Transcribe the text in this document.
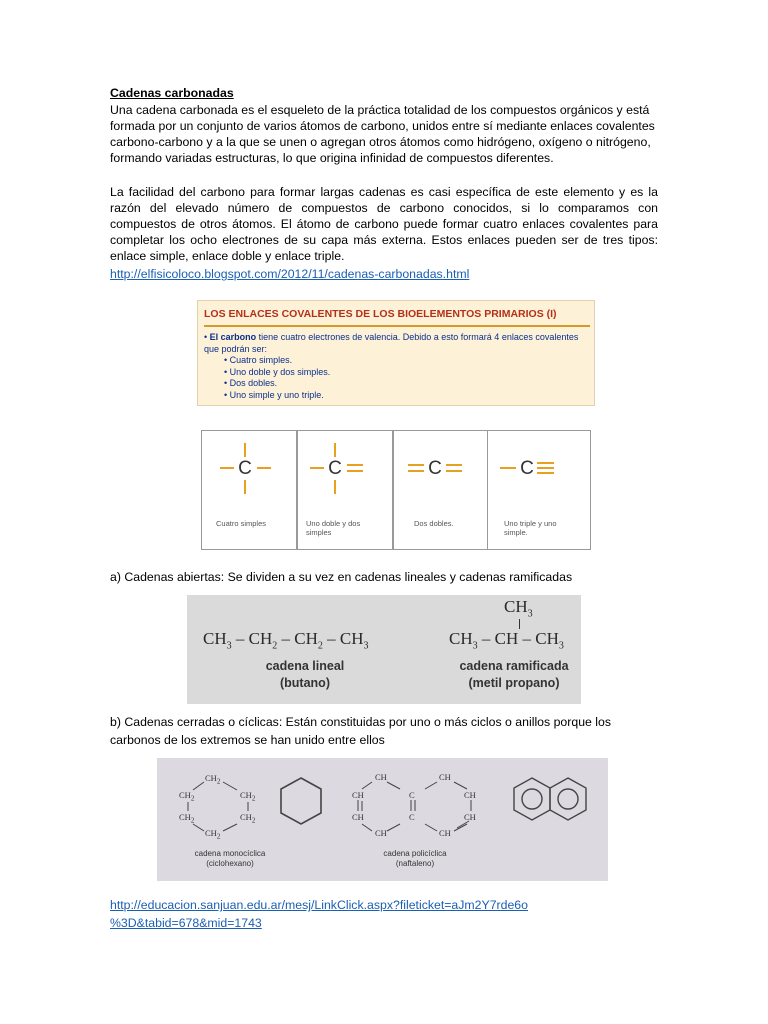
Cadenas carbonadas
Una cadena carbonada es el esqueleto de la práctica totalidad de los compuestos orgánicos y está formada por un conjunto de varios átomos de carbono, unidos entre sí mediante enlaces covalentes carbono-carbono y a la que se unen o agregan otros átomos como hidrógeno, oxígeno o nitrógeno, formando variadas estructuras, lo que origina infinidad de compuestos diferentes.
La facilidad del carbono para formar largas cadenas es casi específica de este elemento y es la razón del elevado número de compuestos de carbono conocidos, si lo comparamos con compuestos de otros átomos. El átomo de carbono puede formar cuatro enlaces covalentes para completar los ocho electrones de su capa más externa. Estos enlaces pueden ser de tres tipos: enlace simple, enlace doble y enlace triple.
http://elfisicoloco.blogspot.com/2012/11/cadenas-carbonadas.html
LOS ENLACES COVALENTES DE LOS BIOELEMENTOS PRIMARIOS (I)
• El carbono tiene cuatro electrones de valencia. Debido a esto formará 4 enlaces covalentes que podrán ser:
• Cuatro simples.
• Uno doble y dos simples.
• Dos dobles.
• Uno simple y uno triple.
C
Cuatro simples
C
Uno doble y dos simples
C
Dos dobles.
C
Uno triple y uno simple.
a) Cadenas abiertas: Se dividen a su vez en cadenas lineales y cadenas ramificadas
$CH_3 - CH_2 - CH_2 - CH_3$
cadena lineal
(butano)
$CH_3$
$CH_3$ – CH – $CH_3$
cadena ramificada
(metil propano)
b) Cadenas cerradas o cíclicas: Están constituidas por uno o más ciclos o anillos porque los carbonos de los extremos se han unido entre ellos
$CH_2$
$CH_2$	$CH_2$
$CH_2$	$CH_2$
$CH_2$
CH	CH
CH	C	CH
CH	C	CH
CH	CH
cadena monocíclica
(ciclohexano)
cadena policíclica
(naftaleno)
http://educacion.sanjuan.edu.ar/mesj/LinkClick.aspx?fileticket=aJm2Y7rde6o
%3D&tabid=678&mid=1743
